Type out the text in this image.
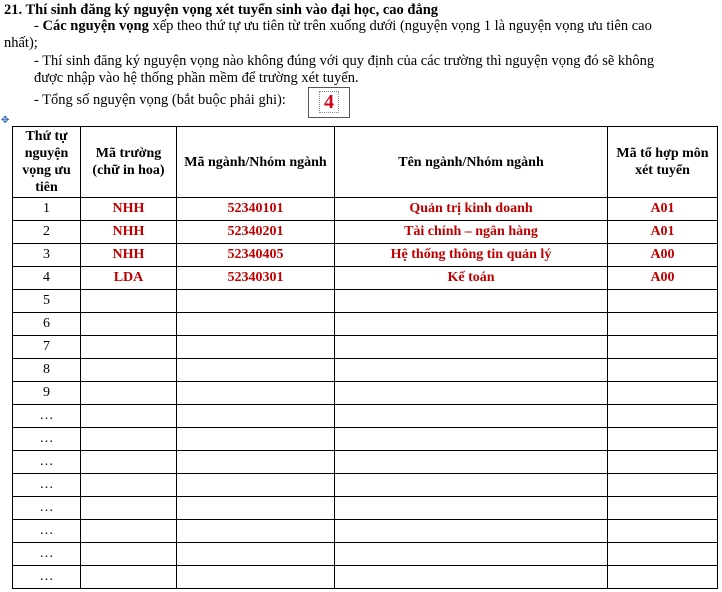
21. Thí sinh đăng ký nguyện vọng xét tuyển sinh vào đại học, cao đẳng
- Các nguyện vọng xếp theo thứ tự ưu tiên từ trên xuống dưới (nguyện vọng 1 là nguyện vọng ưu tiên cao
nhất);
- Thí sinh đăng ký nguyện vọng nào không đúng với quy định của các trường thì nguyện vọng đó sẽ không
được nhập vào hệ thống phần mềm để trường xét tuyển.
- Tổng số nguyện vọng (bắt buộc phải ghi): 4
✥
Thứ tự nguyện vọng ưu tiên	Mã trường (chữ in hoa)	Mã ngành/Nhóm ngành	Tên ngành/Nhóm ngành	Mã tổ hợp môn xét tuyển
1	NHH	52340101	Quản trị kinh doanh	A01
2	NHH	52340201	Tài chính – ngân hàng	A01
3	NHH	52340405	Hệ thống thông tin quản lý	A00
4	LDA	52340301	Kế toán	A00
5				
6				
7				
8				
9				
…				
…				
…				
…				
…				
…				
…				
…				
